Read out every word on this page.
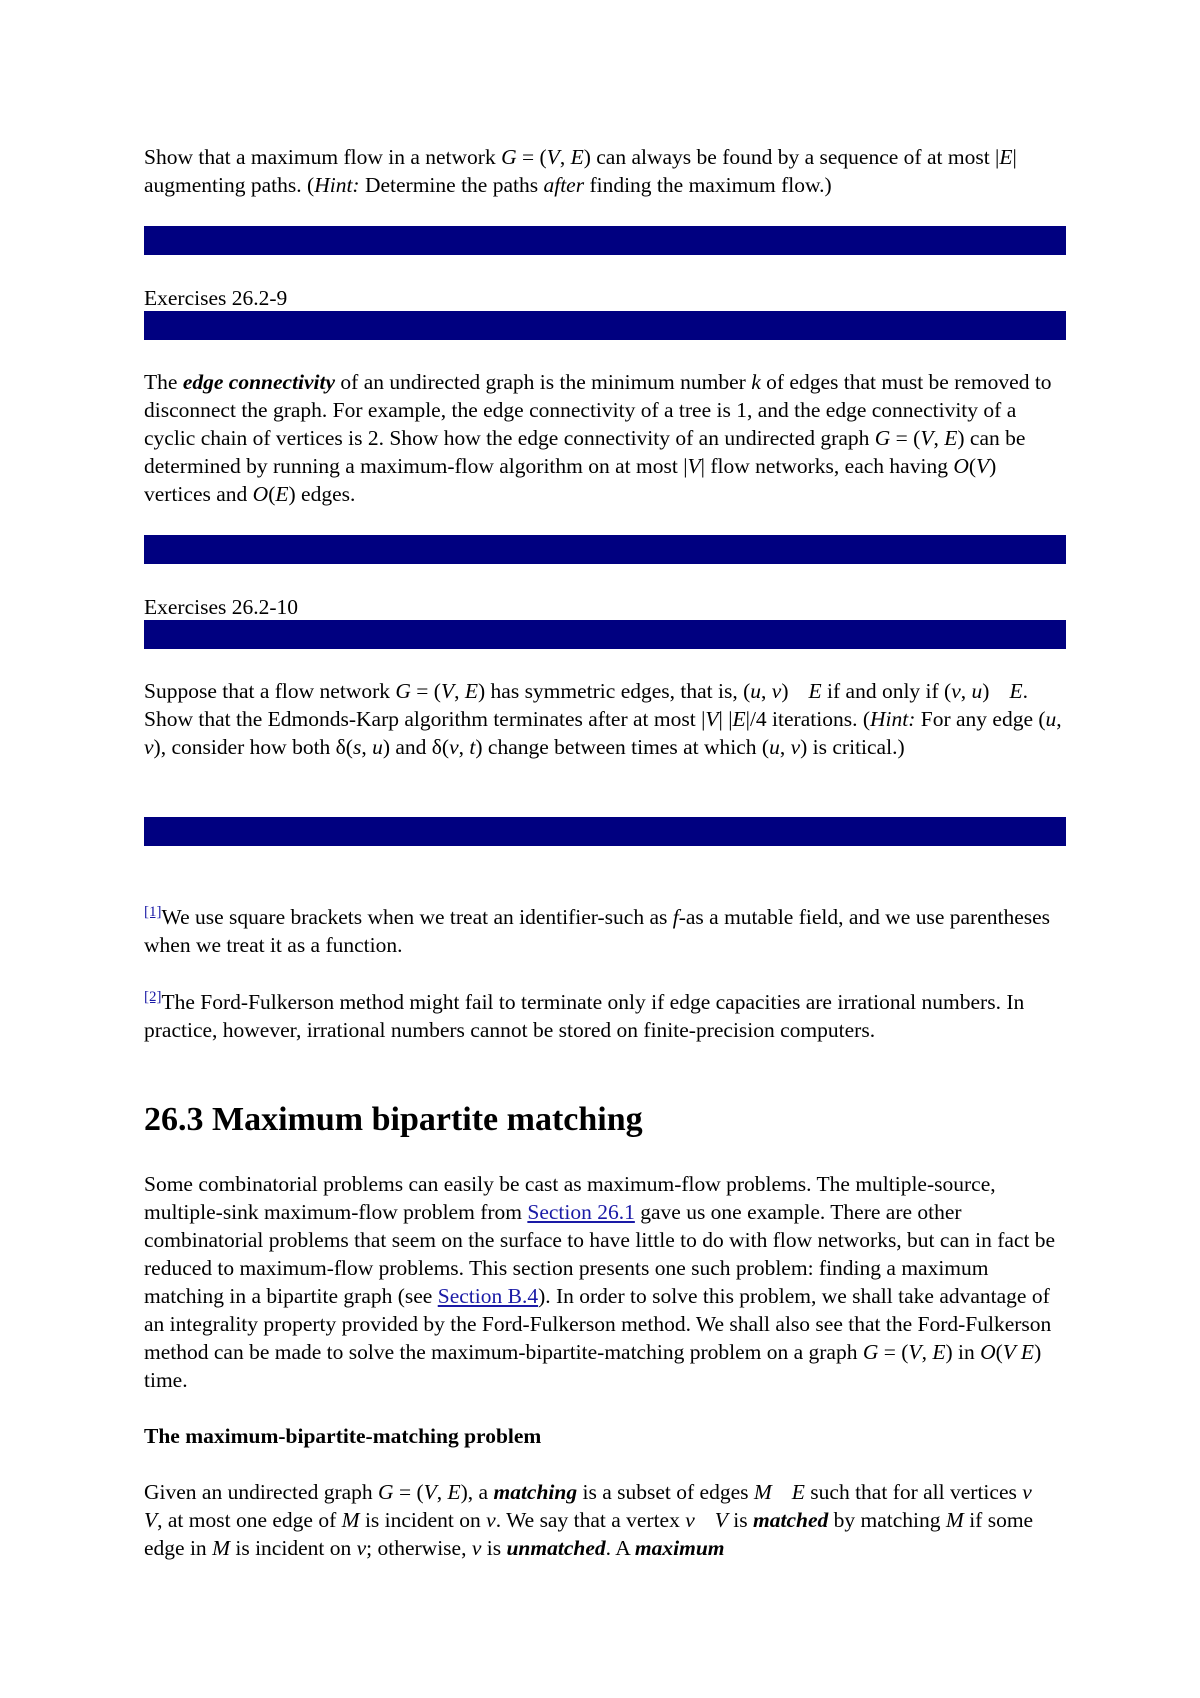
Show that a maximum flow in a network G = (V, E) can always be found by a sequence of at most |E| augmenting paths. (Hint: Determine the paths after finding the maximum flow.)

Exercises 26.2-9

The edge connectivity of an undirected graph is the minimum number k of edges that must be removed to disconnect the graph. For example, the edge connectivity of a tree is 1, and the edge connectivity of a cyclic chain of vertices is 2. Show how the edge connectivity of an undirected graph G = (V, E) can be determined by running a maximum-flow algorithm on at most |V| flow networks, each having O(V) vertices and O(E) edges.

Exercises 26.2-10

Suppose that a flow network G = (V, E) has symmetric edges, that is, (u, v) E if and only if (v, u) E. Show that the Edmonds-Karp algorithm terminates after at most |V| |E|/4 iterations. (Hint: For any edge (u, v), consider how both δ(s, u) and δ(v, t) change between times at which (u, v) is critical.)

[1]We use square brackets when we treat an identifier-such as f-as a mutable field, and we use parentheses when we treat it as a function.

[2]The Ford-Fulkerson method might fail to terminate only if edge capacities are irrational numbers. In practice, however, irrational numbers cannot be stored on finite-precision computers.

26.3 Maximum bipartite matching

Some combinatorial problems can easily be cast as maximum-flow problems. The multiple-source, multiple-sink maximum-flow problem from Section 26.1 gave us one example. There are other combinatorial problems that seem on the surface to have little to do with flow networks, but can in fact be reduced to maximum-flow problems. This section presents one such problem: finding a maximum matching in a bipartite graph (see Section B.4). In order to solve this problem, we shall take advantage of an integrality property provided by the Ford-Fulkerson method. We shall also see that the Ford-Fulkerson method can be made to solve the maximum-bipartite-matching problem on a graph G = (V, E) in O(V E) time.

The maximum-bipartite-matching problem

Given an undirected graph G = (V, E), a matching is a subset of edges M E such that for all vertices vV, at most one edge of M is incident on v. We say that a vertex v V is matched by matching M if some edge in M is incident on v; otherwise, v is unmatched. A maximum
